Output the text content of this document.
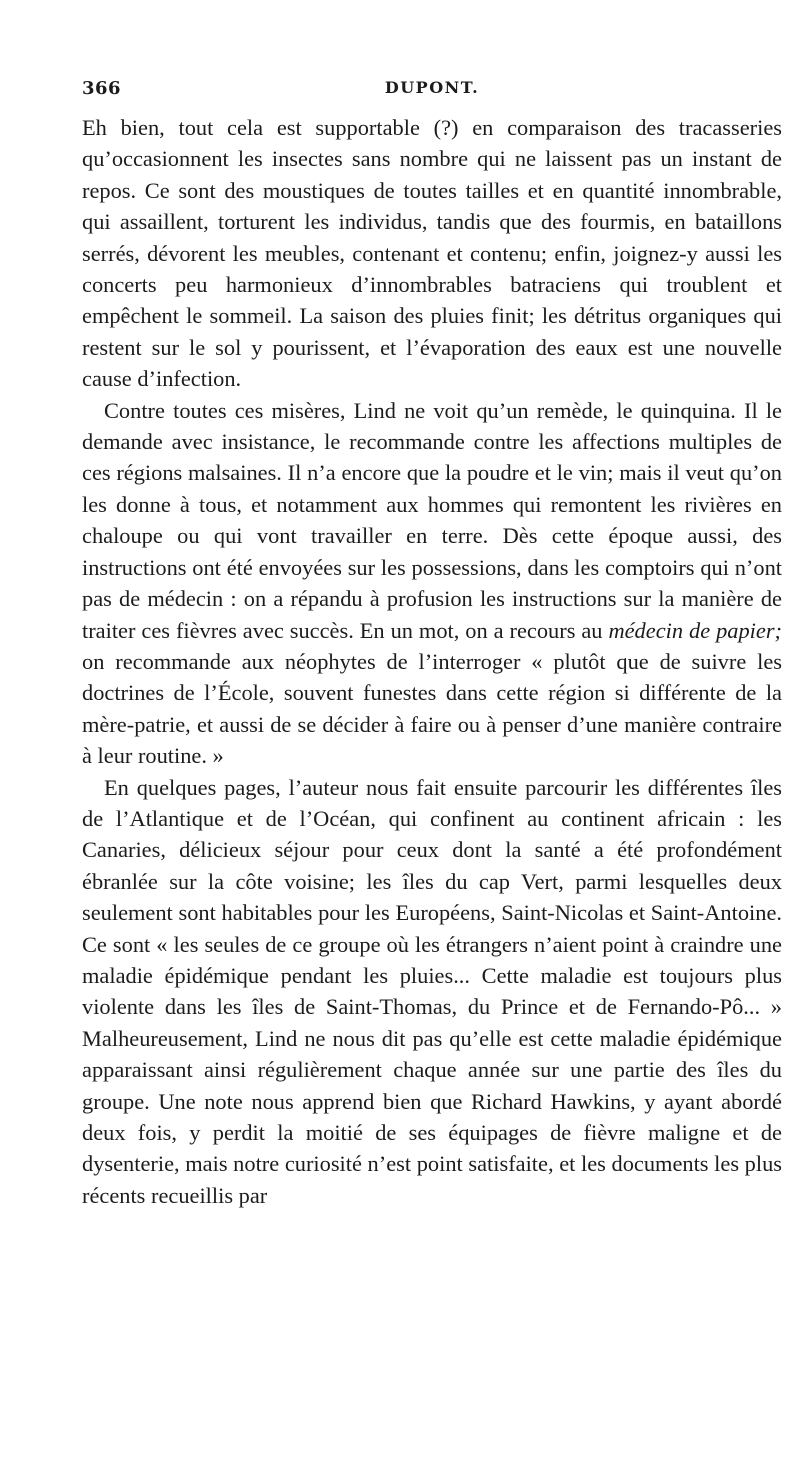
366	DUPONT.

Eh bien, tout cela est supportable (?) en comparaison des tracasseries qu’occasionnent les insectes sans nombre qui ne laissent pas un instant de repos. Ce sont des moustiques de toutes tailles et en quantité innombrable, qui assaillent, torturent les individus, tandis que des fourmis, en bataillons serrés, dévorent les meubles, contenant et contenu; enfin, joignez-y aussi les concerts peu harmonieux d’innombrables batraciens qui troublent et empêchent le sommeil. La saison des pluies finit; les détritus organiques qui restent sur le sol y pourissent, et l’évaporation des eaux est une nouvelle cause d’infection.

Contre toutes ces misères, Lind ne voit qu’un remède, le quinquina. Il le demande avec insistance, le recommande contre les affections multiples de ces régions malsaines. Il n’a encore que la poudre et le vin; mais il veut qu’on les donne à tous, et notamment aux hommes qui remontent les rivières en chaloupe ou qui vont travailler en terre. Dès cette époque aussi, des instructions ont été envoyées sur les possessions, dans les comptoirs qui n’ont pas de médecin : on a répandu à profusion les instructions sur la manière de traiter ces fièvres avec succès. En un mot, on a recours au médecin de papier; on recommande aux néophytes de l’interroger « plutôt que de suivre les doctrines de l’École, souvent funestes dans cette région si différente de la mère-patrie, et aussi de se décider à faire ou à penser d’une manière contraire à leur routine. »

En quelques pages, l’auteur nous fait ensuite parcourir les différentes îles de l’Atlantique et de l’Océan, qui confinent au continent africain : les Canaries, délicieux séjour pour ceux dont la santé a été profondément ébranlée sur la côte voisine; les îles du cap Vert, parmi lesquelles deux seulement sont habitables pour les Européens, Saint-Nicolas et Saint-Antoine. Ce sont « les seules de ce groupe où les étrangers n’aient point à craindre une maladie épidémique pendant les pluies... Cette maladie est toujours plus violente dans les îles de Saint-Thomas, du Prince et de Fernando-Pô... » Malheureusement, Lind ne nous dit pas qu’elle est cette maladie épidémique apparaissant ainsi régulièrement chaque année sur une partie des îles du groupe. Une note nous apprend bien que Richard Hawkins, y ayant abordé deux fois, y perdit la moitié de ses équipages de fièvre maligne et de dysenterie, mais notre curiosité n’est point satisfaite, et les documents les plus récents recueillis par
